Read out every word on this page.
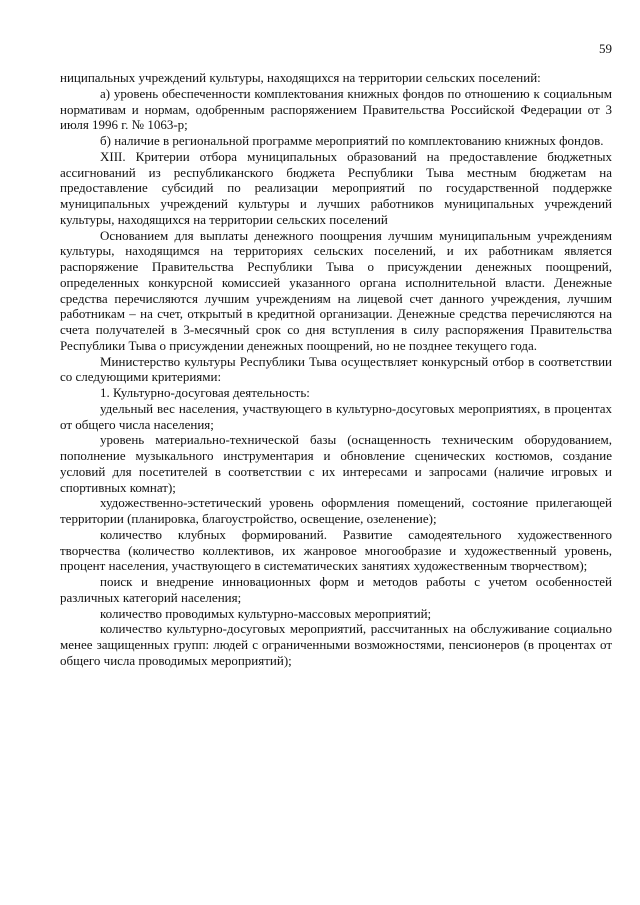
59

ниципальных учреждений культуры, находящихся на территории сельских поселений:

а) уровень обеспеченности комплектования книжных фондов по отношению к социальным нормативам и нормам, одобренным распоряжением Правительства Российской Федерации от 3 июля 1996 г. № 1063-р;

б) наличие в региональной программе мероприятий по комплектованию книжных фондов.

XIII. Критерии отбора муниципальных образований на предоставление бюджетных ассигнований из республиканского бюджета Республики Тыва местным бюджетам на предоставление субсидий по реализации мероприятий по государственной поддержке муниципальных учреждений культуры и лучших работников муниципальных учреждений культуры, находящихся на территории сельских поселений

Основанием для выплаты денежного поощрения лучшим муниципальным учреждениям культуры, находящимся на территориях сельских поселений, и их работникам является распоряжение Правительства Республики Тыва о присуждении денежных поощрений, определенных конкурсной комиссией указанного органа исполнительной власти. Денежные средства перечисляются лучшим учреждениям на лицевой счет данного учреждения, лучшим работникам – на счет, открытый в кредитной организации. Денежные средства перечисляются на счета получателей в 3-месячный срок со дня вступления в силу распоряжения Правительства Республики Тыва о присуждении денежных поощрений, но не позднее текущего года.

Министерство культуры Республики Тыва осуществляет конкурсный отбор в соответствии со следующими критериями:

1. Культурно-досуговая деятельность:

удельный вес населения, участвующего в культурно-досуговых мероприятиях, в процентах от общего числа населения;

уровень материально-технической базы (оснащенность техническим оборудованием, пополнение музыкального инструментария и обновление сценических костюмов, создание условий для посетителей в соответствии с их интересами и запросами (наличие игровых и спортивных комнат);

художественно-эстетический уровень оформления помещений, состояние прилегающей территории (планировка, благоустройство, освещение, озеленение);

количество клубных формирований. Развитие самодеятельного художественного творчества (количество коллективов, их жанровое многообразие и художественный уровень, процент населения, участвующего в систематических занятиях художественным творчеством);

поиск и внедрение инновационных форм и методов работы с учетом особенностей различных категорий населения;

количество проводимых культурно-массовых мероприятий;

количество культурно-досуговых мероприятий, рассчитанных на обслуживание социально менее защищенных групп: людей с ограниченными возможностями, пенсионеров (в процентах от общего числа проводимых мероприятий);
